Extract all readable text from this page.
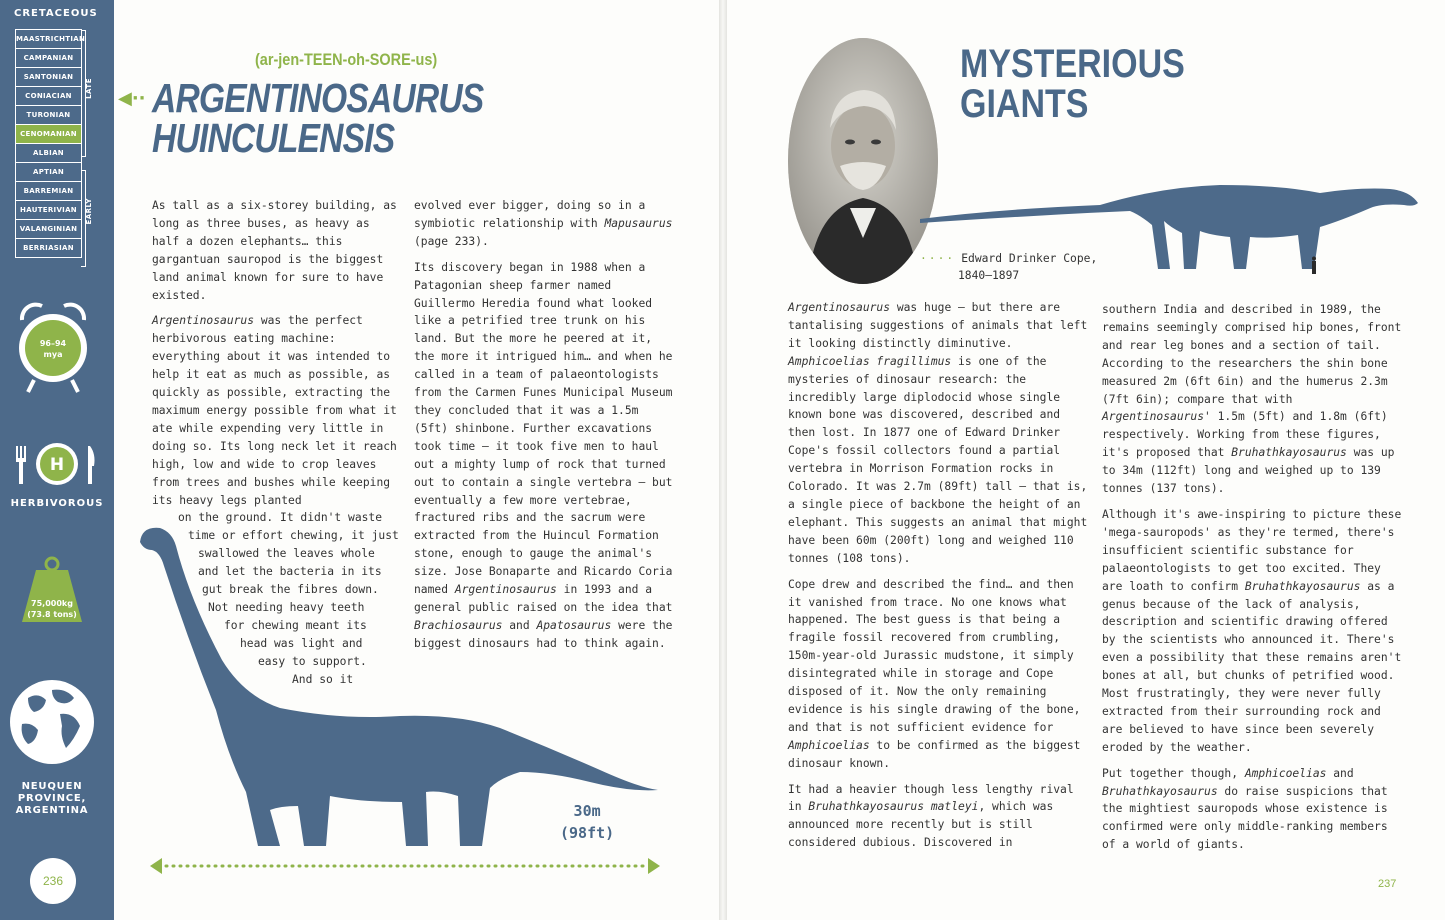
CRETACEOUS
MAASTRICHTIAN
CAMPANIAN
SANTONIAN
CONIACIAN
TURONIAN
CENOMANIAN
ALBIAN
APTIAN
BARREMIAN
HAUTERIVIAN
VALANGINIAN
BERRIASIAN
LATE
EARLY
96–94
mya
H
HERBIVOROUS
75,000kg
(73.8 tons)
NEUQUEN
PROVINCE,
ARGENTINA
236
(ar-jen-TEEN-oh-SORE-us)
◀·· ARGENTINOSAURUS
HUINCULENSIS

As tall as a six-storey building, as long as three buses, as heavy as half a dozen elephants… this gargantuan sauropod is the biggest land animal known for sure to have existed.

Argentinosaurus was the perfect herbivorous eating machine: everything about it was intended to help it eat as much as possible, as quickly as possible, extracting the maximum energy possible from what it ate while expending very little in doing so. Its long neck let it reach high, low and wide to crop leaves from trees and bushes while keeping its heavy legs planted

on the ground. It didn't waste
time or effort chewing, it just
swallowed the leaves whole
and let the bacteria in its
gut break the fibres down.
Not needing heavy teeth
for chewing meant its
head was light and
easy to support.
And so it

evolved ever bigger, doing so in a symbiotic relationship with Mapusaurus (page 233).

Its discovery began in 1988 when a Patagonian sheep farmer named Guillermo Heredia found what looked like a petrified tree trunk on his land. But the more he peered at it, the more it intrigued him… and when he called in a team of palaeontologists from the Carmen Funes Municipal Museum they concluded that it was a 1.5m (5ft) shinbone. Further excavations took time – it took five men to haul out a mighty lump of rock that turned out to contain a single vertebra – but eventually a few more vertebrae, fractured ribs and the sacrum were extracted from the Huincul Formation stone, enough to gauge the animal's size. Jose Bonaparte and Ricardo Coria named Argentinosaurus in 1993 and a general public raised on the idea that Brachiosaurus and Apatosaurus were the biggest dinosaurs had to think again.

30m
(98ft)
MYSTERIOUS
GIANTS
···· Edward Drinker Cope,
1840–1897

Argentinosaurus was huge – but there are tantalising suggestions of animals that left it looking distinctly diminutive. Amphicoelias fragillimus is one of the mysteries of dinosaur research: the incredibly large diplodocid whose single known bone was discovered, described and then lost. In 1877 one of Edward Drinker Cope's fossil collectors found a partial vertebra in Morrison Formation rocks in Colorado. It was 2.7m (89ft) tall – that is, a single piece of backbone the height of an elephant. This suggests an animal that might have been 60m (200ft) long and weighed 110 tonnes (108 tons).

Cope drew and described the find… and then it vanished from trace. No one knows what happened. The best guess is that being a fragile fossil recovered from crumbling, 150m-year-old Jurassic mudstone, it simply disintegrated while in storage and Cope disposed of it. Now the only remaining evidence is his single drawing of the bone, and that is not sufficient evidence for Amphicoelias to be confirmed as the biggest dinosaur known.

It had a heavier though less lengthy rival in Bruhathkayosaurus matleyi, which was announced more recently but is still considered dubious. Discovered in

southern India and described in 1989, the remains seemingly comprised hip bones, front and rear leg bones and a section of tail. According to the researchers the shin bone measured 2m (6ft 6in) and the humerus 2.3m (7ft 6in); compare that with Argentinosaurus' 1.5m (5ft) and 1.8m (6ft) respectively. Working from these figures, it's proposed that Bruhathkayosaurus was up to 34m (112ft) long and weighed up to 139 tonnes (137 tons).

Although it's awe-inspiring to picture these 'mega-sauropods' as they're termed, there's insufficient scientific substance for palaeontologists to get too excited. They are loath to confirm Bruhathkayosaurus as a genus because of the lack of analysis, description and scientific drawing offered by the scientists who announced it. There's even a possibility that these remains aren't bones at all, but chunks of petrified wood. Most frustratingly, they were never fully extracted from their surrounding rock and are believed to have since been severely eroded by the weather.

Put together though, Amphicoelias and Bruhathkayosaurus do raise suspicions that the mightiest sauropods whose existence is confirmed were only middle-ranking members of a world of giants.

237
